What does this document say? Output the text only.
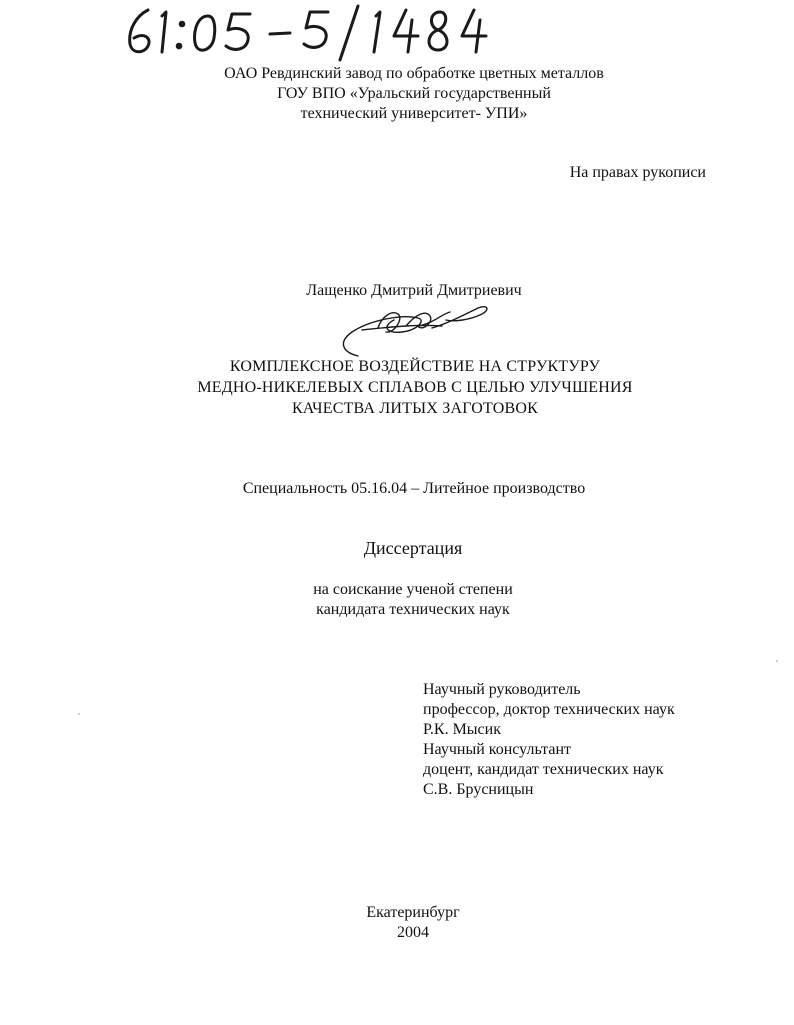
ОАО Ревдинский завод по обработке цветных металлов
ГОУ ВПО «Уральский государственный
технический университет- УПИ»
На правах рукописи
Лащенко Дмитрий Дмитриевич
КОМПЛЕКСНОЕ ВОЗДЕЙСТВИЕ НА СТРУКТУРУ
МЕДНО-НИКЕЛЕВЫХ СПЛАВОВ С ЦЕЛЬЮ УЛУЧШЕНИЯ
КАЧЕСТВА ЛИТЫХ ЗАГОТОВОК
Специальность 05.16.04 – Литейное производство
Диссертация
на соискание ученой степени
кандидата технических наук
Научный руководитель
профессор, доктор технических наук
Р.К. Мысик
Научный консультант
доцент, кандидат технических наук
С.В. Брусницын
Екатеринбург
2004
